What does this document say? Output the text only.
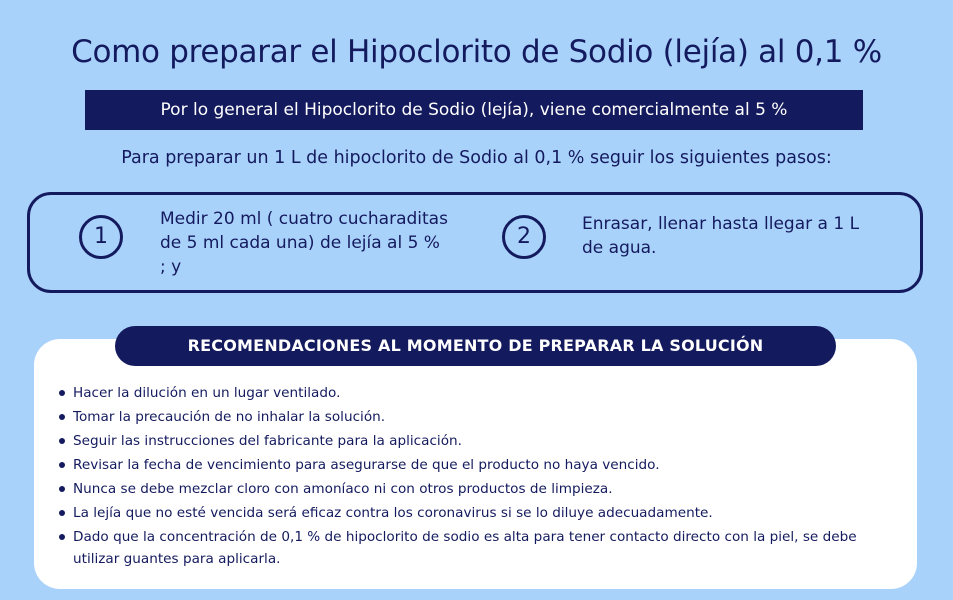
Como preparar el Hipoclorito de Sodio (lejía) al 0,1 %
Por lo general el Hipoclorito de Sodio (lejía), viene comercialmente al 5 %
Para preparar un 1 L de hipoclorito de Sodio al 0,1 % seguir los siguientes pasos:
1
Medir 20 ml ( cuatro cucharaditas de 5 ml cada una) de lejía al 5 % ; y
2	Enrasar, llenar hasta llegar a 1 L de agua.
RECOMENDACIONES AL MOMENTO DE PREPARAR LA SOLUCIÓN
Hacer la dilución en un lugar ventilado.
Tomar la precaución de no inhalar la solución.
Seguir las instrucciones del fabricante para la aplicación.
Revisar la fecha de vencimiento para asegurarse de que el producto no haya vencido.
Nunca se debe mezclar cloro con amoníaco ni con otros productos de limpieza.
La lejía que no esté vencida será eficaz contra los coronavirus si se lo diluye adecuadamente.
Dado que la concentración de 0,1 % de hipoclorito de sodio es alta para tener contacto directo con la piel, se debe utilizar guantes para aplicarla.
